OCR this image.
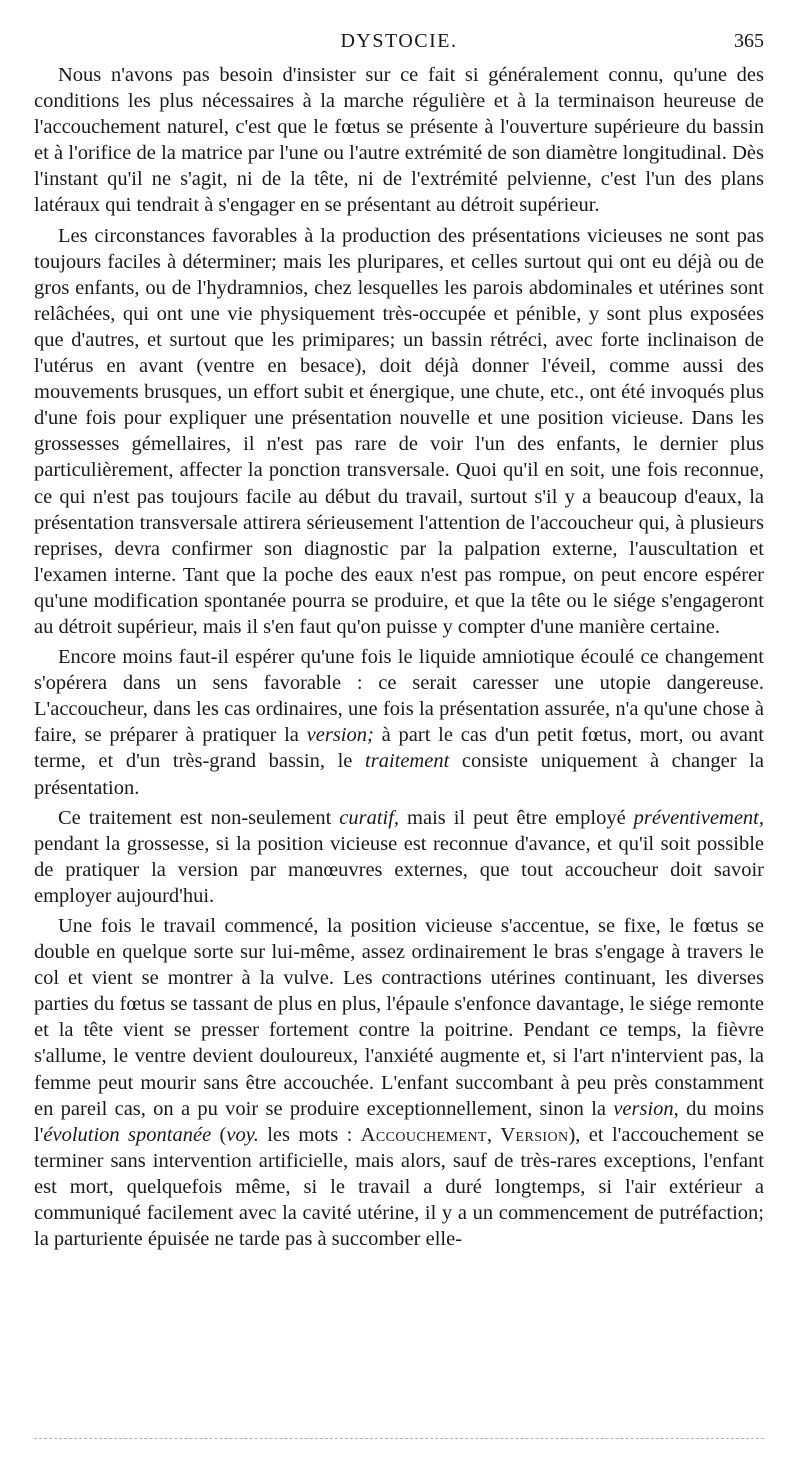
DYSTOCIE.	365

Nous n'avons pas besoin d'insister sur ce fait si généralement connu, qu'une des conditions les plus nécessaires à la marche régulière et à la terminaison heureuse de l'accouchement naturel, c'est que le fœtus se présente à l'ouverture supérieure du bassin et à l'orifice de la matrice par l'une ou l'autre extrémité de son diamètre longitudinal. Dès l'instant qu'il ne s'agit, ni de la tête, ni de l'extrémité pelvienne, c'est l'un des plans latéraux qui tendrait à s'engager en se présentant au détroit supérieur.

Les circonstances favorables à la production des présentations vicieuses ne sont pas toujours faciles à déterminer; mais les pluripares, et celles surtout qui ont eu déjà ou de gros enfants, ou de l'hydramnios, chez lesquelles les parois abdominales et utérines sont relâchées, qui ont une vie physiquement très-occupée et pénible, y sont plus exposées que d'autres, et surtout que les primipares; un bassin rétréci, avec forte inclinaison de l'utérus en avant (ventre en besace), doit déjà donner l'éveil, comme aussi des mouvements brusques, un effort subit et énergique, une chute, etc., ont été invoqués plus d'une fois pour expliquer une présentation nouvelle et une position vicieuse. Dans les grossesses gémellaires, il n'est pas rare de voir l'un des enfants, le dernier plus particulièrement, affecter la ponction transversale. Quoi qu'il en soit, une fois reconnue, ce qui n'est pas toujours facile au début du travail, surtout s'il y a beaucoup d'eaux, la présentation transversale attirera sérieusement l'attention de l'accoucheur qui, à plusieurs reprises, devra confirmer son diagnostic par la palpation externe, l'auscultation et l'examen interne. Tant que la poche des eaux n'est pas rompue, on peut encore espérer qu'une modification spontanée pourra se produire, et que la tête ou le siége s'engageront au détroit supérieur, mais il s'en faut qu'on puisse y compter d'une manière certaine.

Encore moins faut-il espérer qu'une fois le liquide amniotique écoulé ce changement s'opérera dans un sens favorable : ce serait caresser une utopie dangereuse. L'accoucheur, dans les cas ordinaires, une fois la présentation assurée, n'a qu'une chose à faire, se préparer à pratiquer la version; à part le cas d'un petit fœtus, mort, ou avant terme, et d'un très-grand bassin, le traitement consiste uniquement à changer la présentation.

Ce traitement est non-seulement curatif, mais il peut être employé préventivement, pendant la grossesse, si la position vicieuse est reconnue d'avance, et qu'il soit possible de pratiquer la version par manœuvres externes, que tout accoucheur doit savoir employer aujourd'hui.

Une fois le travail commencé, la position vicieuse s'accentue, se fixe, le fœtus se double en quelque sorte sur lui-même, assez ordinairement le bras s'engage à travers le col et vient se montrer à la vulve. Les contractions utérines continuant, les diverses parties du fœtus se tassant de plus en plus, l'épaule s'enfonce davantage, le siége remonte et la tête vient se presser fortement contre la poitrine. Pendant ce temps, la fièvre s'allume, le ventre devient douloureux, l'anxiété augmente et, si l'art n'intervient pas, la femme peut mourir sans être accouchée. L'enfant succombant à peu près constamment en pareil cas, on a pu voir se produire exceptionnellement, sinon la version, du moins l'évolution spontanée (voy. les mots : Accouchement, Version), et l'accouchement se terminer sans intervention artificielle, mais alors, sauf de très-rares exceptions, l'enfant est mort, quelquefois même, si le travail a duré longtemps, si l'air extérieur a communiqué facilement avec la cavité utérine, il y a un commencement de putréfaction; la parturiente épuisée ne tarde pas à succomber elle-
